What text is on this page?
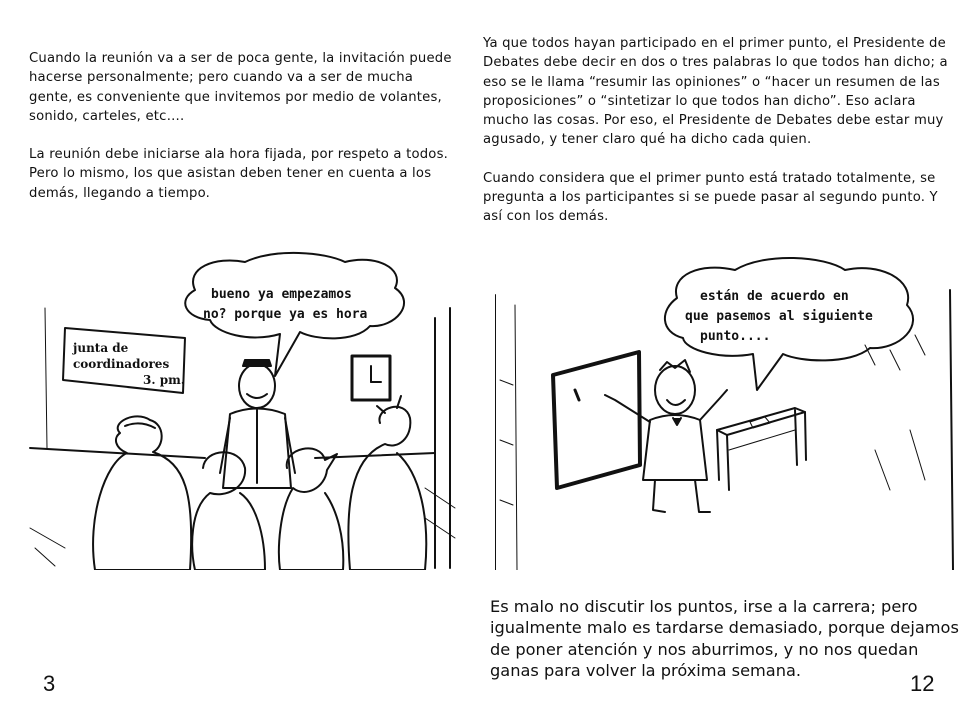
Cuando la reunión va a ser de poca gente, la invitación puede hacerse personalmente; pero cuando va a ser de mucha gente, es conveniente que invitemos por medio de volantes, sonido, carteles, etc….

La reunión debe iniciarse ala hora fijada, por respeto a todos. Pero lo mismo, los que asistan deben tener en cuenta a los demás, llegando a tiempo.

Ya que todos hayan participado en el primer punto, el Presidente de Debates debe decir en dos o tres palabras lo que todos han dicho; a eso se le llama “resumir las opiniones” o “hacer un resumen de las proposiciones” o “sintetizar lo que todos han dicho”. Eso aclara mucho las cosas. Por eso, el Presidente de Debates debe estar muy agusado, y tener claro qué ha dicho cada quien.

Cuando considera que el primer punto está tratado totalmente, se pregunta a los participantes si se puede pasar al segundo punto. Y así con los demás.

bueno ya empezamos
no? porque ya es hora
junta de
coordinadores
3. pm.
están de acuerdo en
que pasemos al siguiente
punto....
Es malo no discutir los puntos, irse a la carrera; pero igualmente malo es tardarse demasiado, porque dejamos de poner atención y nos aburrimos, y no nos quedan ganas para volver la próxima semana.
3	12
